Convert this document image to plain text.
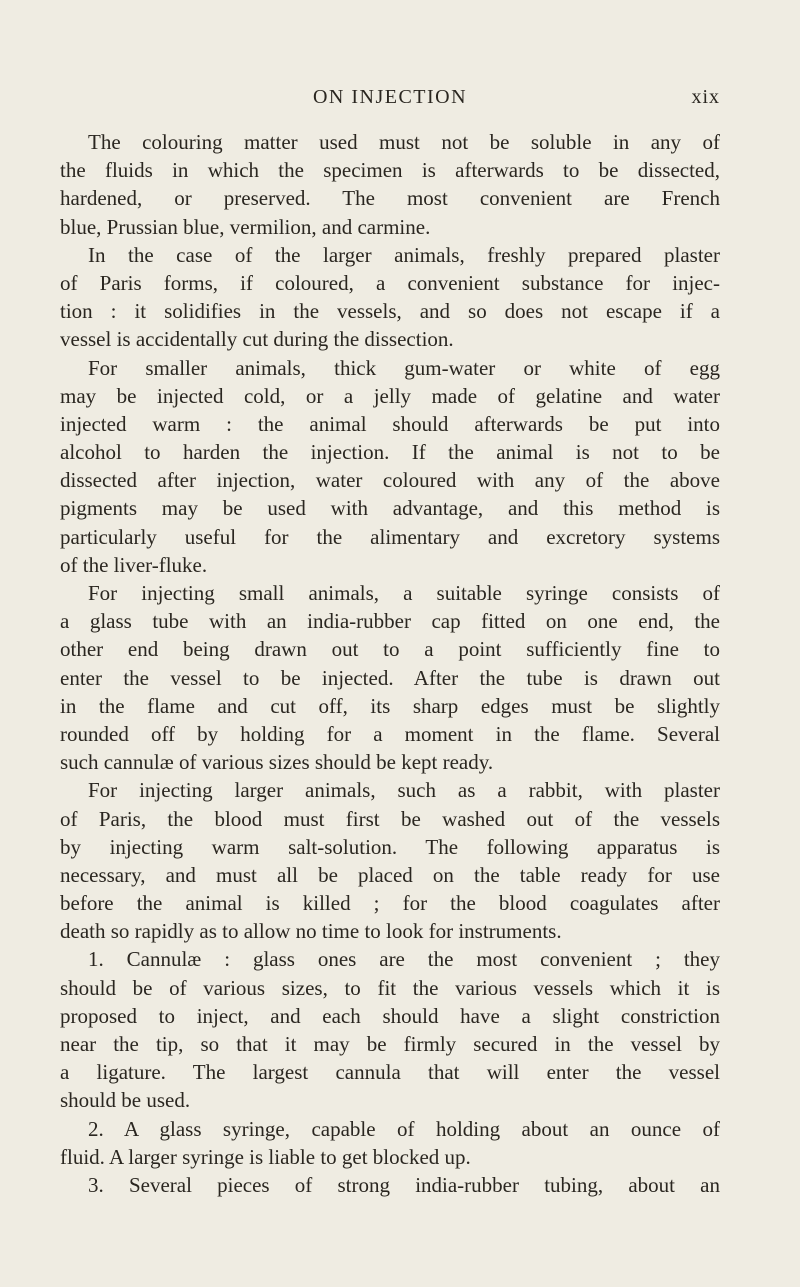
ON INJECTION	xix
The colouring matter used must not be soluble in any of
the fluids in which the specimen is afterwards to be dissected,
hardened, or preserved. The most convenient are French
blue, Prussian blue, vermilion, and carmine.
In the case of the larger animals, freshly prepared plaster
of Paris forms, if coloured, a convenient substance for injec-
tion : it solidifies in the vessels, and so does not escape if a
vessel is accidentally cut during the dissection.
For smaller animals, thick gum-water or white of egg
may be injected cold, or a jelly made of gelatine and water
injected warm : the animal should afterwards be put into
alcohol to harden the injection. If the animal is not to be
dissected after injection, water coloured with any of the above
pigments may be used with advantage, and this method is
particularly useful for the alimentary and excretory systems
of the liver-fluke.
For injecting small animals, a suitable syringe consists of
a glass tube with an india-rubber cap fitted on one end, the
other end being drawn out to a point sufficiently fine to
enter the vessel to be injected. After the tube is drawn out
in the flame and cut off, its sharp edges must be slightly
rounded off by holding for a moment in the flame. Several
such cannulæ of various sizes should be kept ready.
For injecting larger animals, such as a rabbit, with plaster
of Paris, the blood must first be washed out of the vessels
by injecting warm salt-solution. The following apparatus is
necessary, and must all be placed on the table ready for use
before the animal is killed ; for the blood coagulates after
death so rapidly as to allow no time to look for instruments.
1. Cannulæ : glass ones are the most convenient ; they
should be of various sizes, to fit the various vessels which it is
proposed to inject, and each should have a slight constriction
near the tip, so that it may be firmly secured in the vessel by
a ligature. The largest cannula that will enter the vessel
should be used.
2. A glass syringe, capable of holding about an ounce of
fluid. A larger syringe is liable to get blocked up.
3. Several pieces of strong india-rubber tubing, about an
